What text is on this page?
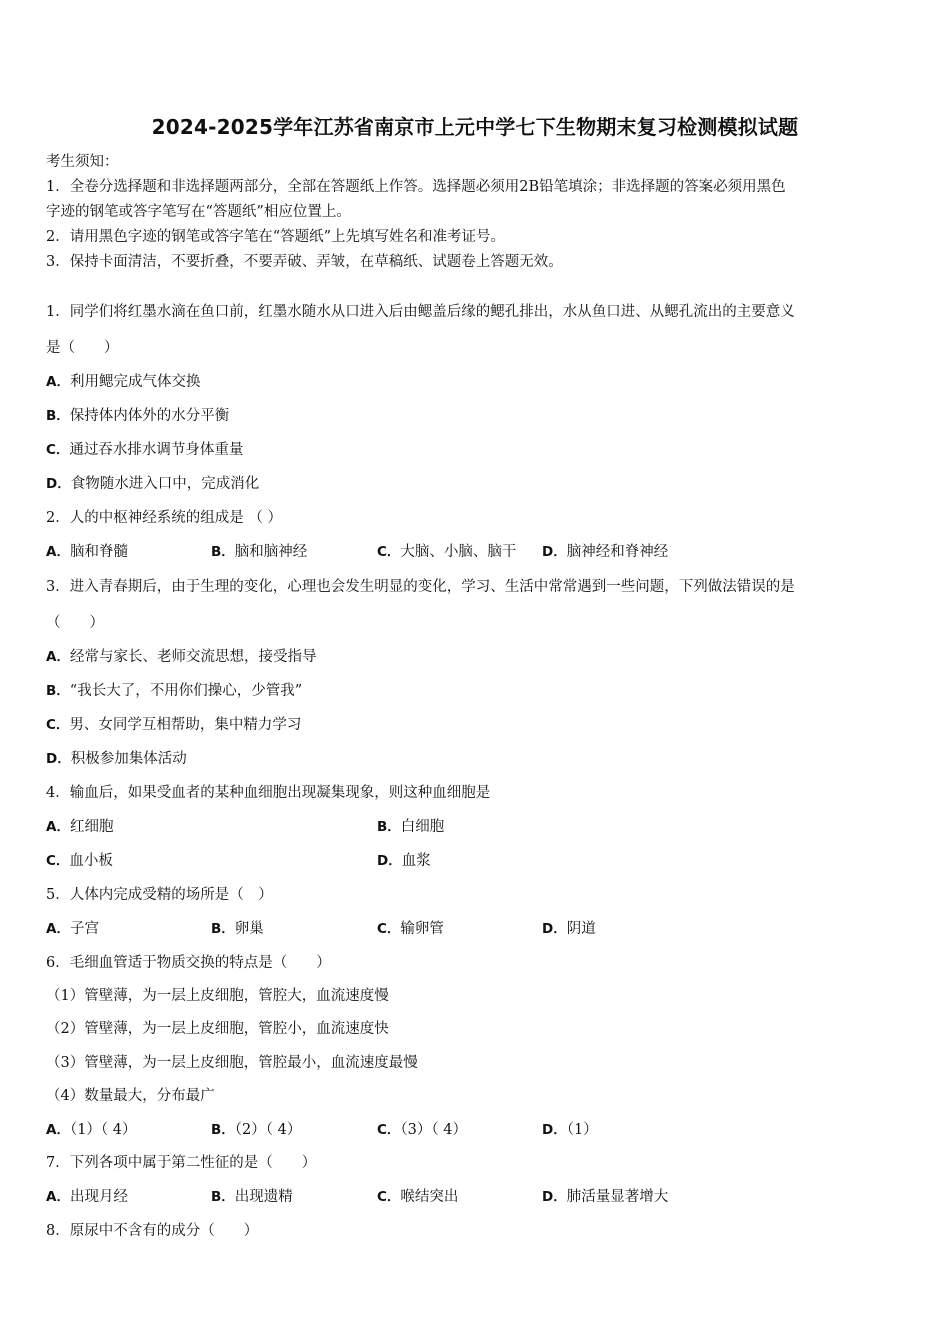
2024-2025学年江苏省南京市上元中学七下生物期末复习检测模拟试题
考生须知：
1．全卷分选择题和非选择题两部分，全部在答题纸上作答。选择题必须用2B铅笔填涂；非选择题的答案必须用黑色
字迹的钢笔或答字笔写在“答题纸”相应位置上。
2．请用黑色字迹的钢笔或答字笔在“答题纸”上先填写姓名和准考证号。
3．保持卡面清洁，不要折叠，不要弄破、弄皱，在草稿纸、试题卷上答题无效。
1．同学们将红墨水滴在鱼口前，红墨水随水从口进入后由鳃盖后缘的鳃孔排出，水从鱼口进、从鳃孔流出的主要意义
是（　　）
A．利用鳃完成气体交换
B．保持体内体外的水分平衡
C．通过吞水排水调节身体重量
D．食物随水进入口中，完成消化
2．人的中枢神经系统的组成是 （ ）
A．脑和脊髓	B．脑和脑神经	C．大脑、小脑、脑干 D．脑神经和脊神经
3．进入青春期后，由于生理的变化，心理也会发生明显的变化，学习、生活中常常遇到一些问题，下列做法错误的是
（　　）
A．经常与家长、老师交流思想，接受指导
B．“我长大了，不用你们操心，少管我”
C．男、女同学互相帮助，集中精力学习
D．积极参加集体活动
4．输血后，如果受血者的某种血细胞出现凝集现象，则这种血细胞是
A．红细胞	B．白细胞
C．血小板	D．血浆
5．人体内完成受精的场所是（　）
A．子宫	B．卵巢	C．输卵管	D．阴道
6．毛细血管适于物质交换的特点是（　　）
（1）管壁薄，为一层上皮细胞，管腔大，血流速度慢
（2）管壁薄，为一层上皮细胞，管腔小，血流速度快
（3）管壁薄，为一层上皮细胞，管腔最小，血流速度最慢
（4）数量最大，分布最广
A．（1）（ 4）	B．（2）（ 4）	C．（3）（ 4）	D．（1）
7．下列各项中属于第二性征的是（　　）
A．出现月经	B．出现遗精	C．喉结突出	D．肺活量显著增大
8．原尿中不含有的成分（　　）
